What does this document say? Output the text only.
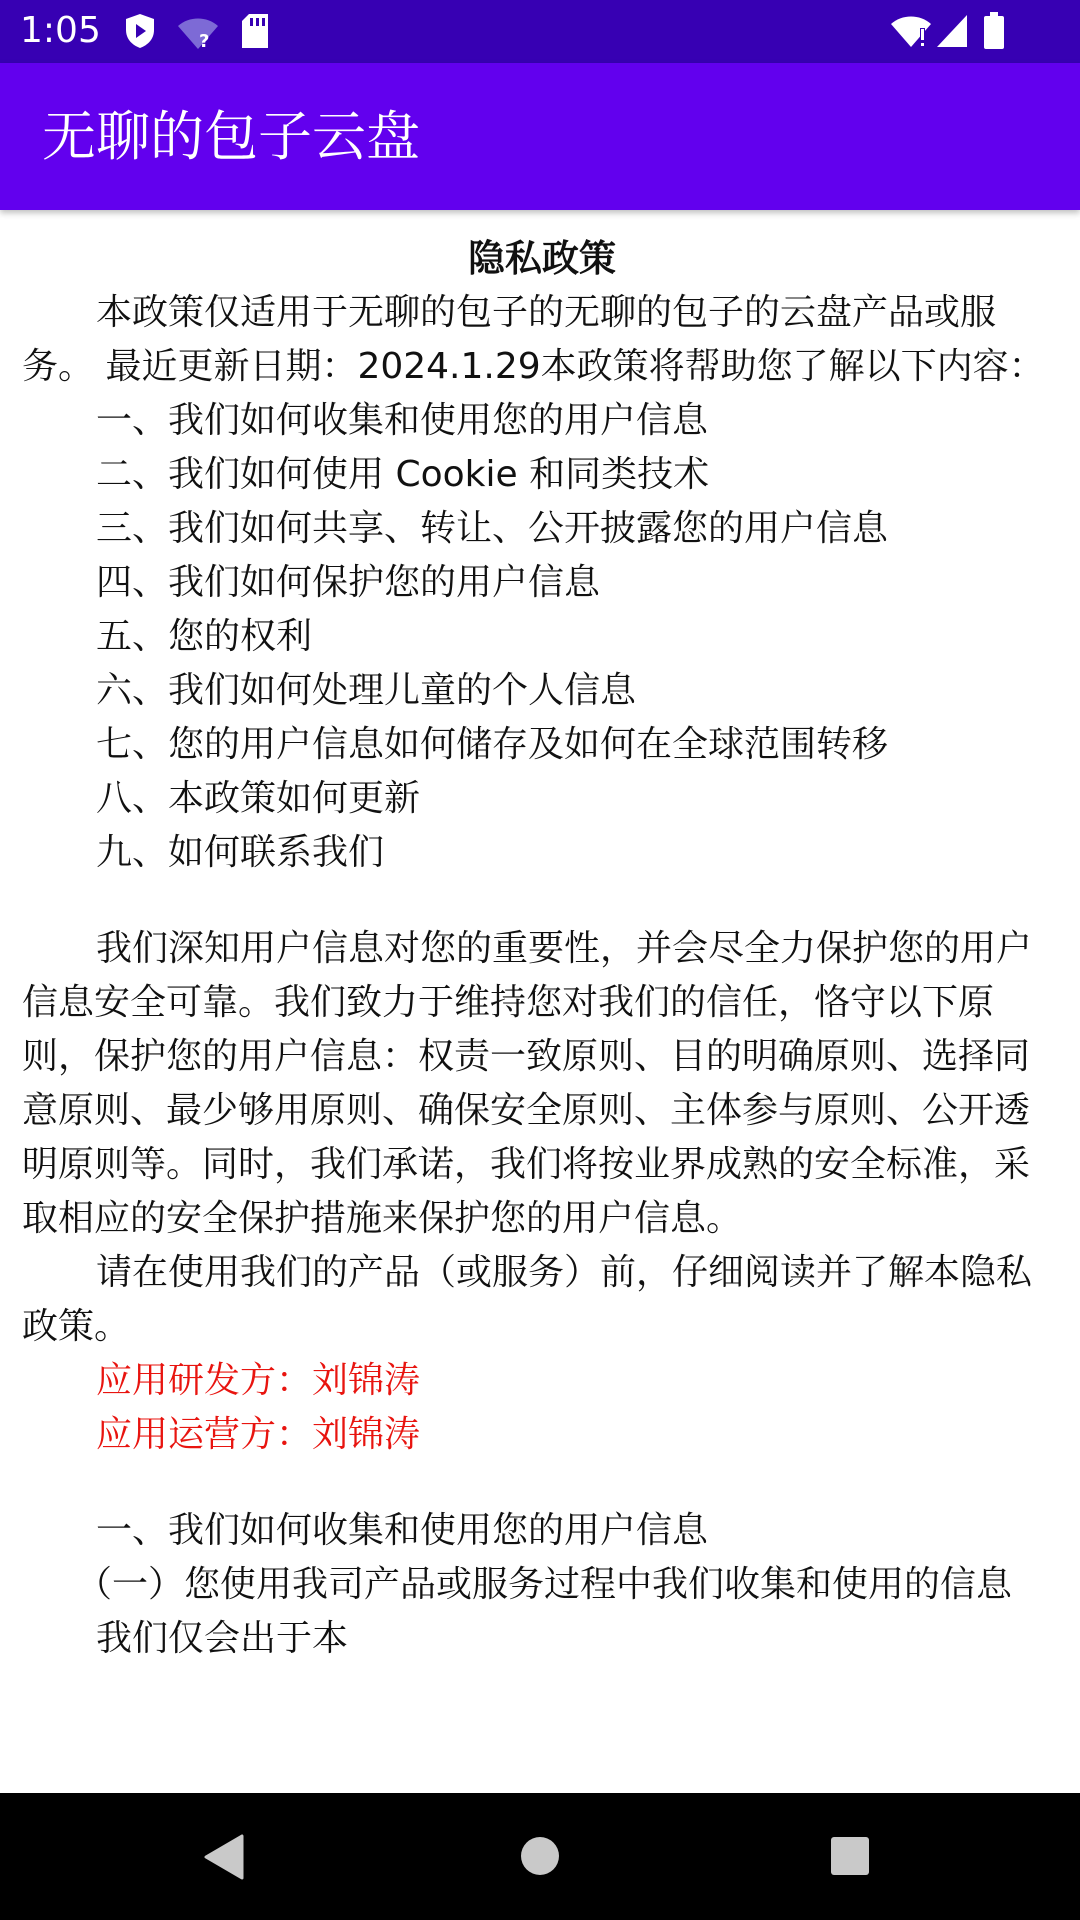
1:05	?
无聊的包子云盘
隐私政策
本政策仅适用于无聊的包子的无聊的包子的云盘产品或服务。 最近更新日期：2024.1.29本政策将帮助您了解以下内容：
一、我们如何收集和使用您的用户信息
二、我们如何使用 Cookie 和同类技术
三、我们如何共享、转让、公开披露您的用户信息
四、我们如何保护您的用户信息
五、您的权利
六、我们如何处理儿童的个人信息
七、您的用户信息如何储存及如何在全球范围转移
八、本政策如何更新
九、如何联系我们
我们深知用户信息对您的重要性，并会尽全力保护您的用户信息安全可靠。我们致力于维持您对我们的信任，恪守以下原则，保护您的用户信息：权责一致原则、目的明确原则、选择同意原则、最少够用原则、确保安全原则、主体参与原则、公开透明原则等。同时，我们承诺，我们将按业界成熟的安全标准，采取相应的安全保护措施来保护您的用户信息。
请在使用我们的产品（或服务）前，仔细阅读并了解本隐私政策。
应用研发方：刘锦涛
应用运营方：刘锦涛
一、我们如何收集和使用您的用户信息
（一）您使用我司产品或服务过程中我们收集和使用的信息
我们仅会出于本
